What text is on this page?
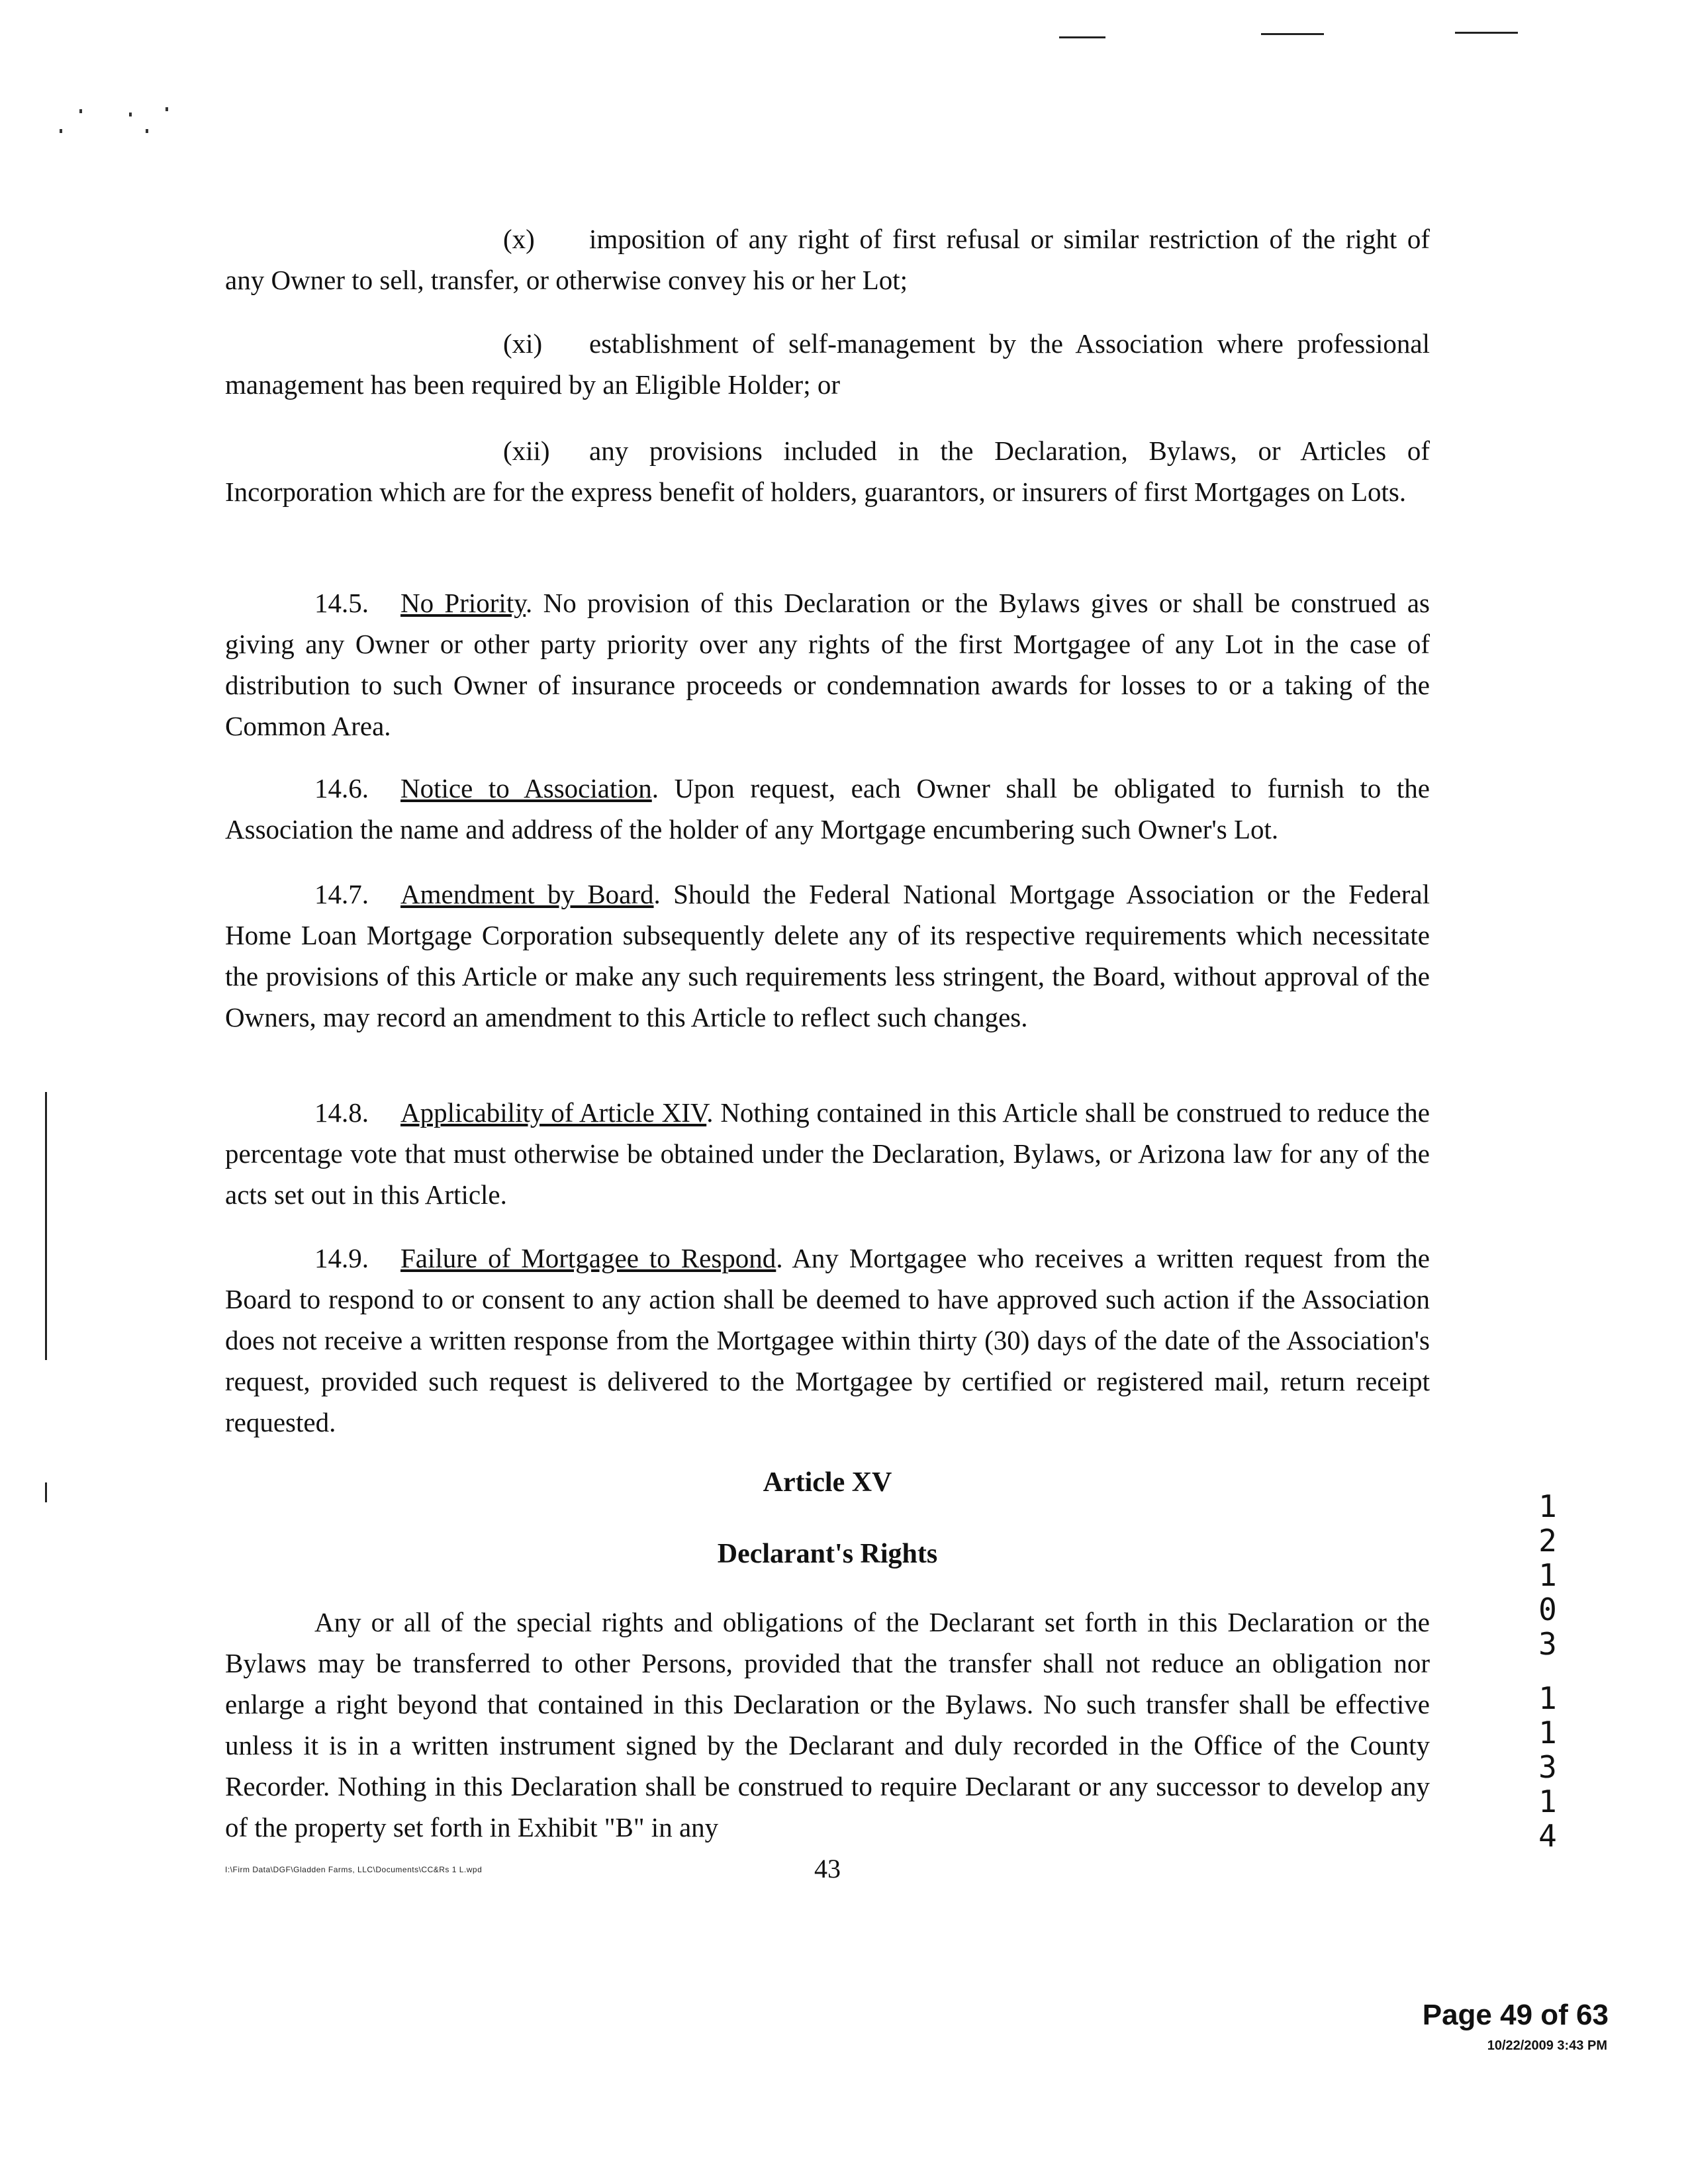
(x) imposition of any right of first refusal or similar restriction of the right of any Owner to sell, transfer, or otherwise convey his or her Lot;
(xi) establishment of self-management by the Association where professional management has been required by an Eligible Holder; or
(xii) any provisions included in the Declaration, Bylaws, or Articles of Incorporation which are for the express benefit of holders, guarantors, or insurers of first Mortgages on Lots.
14.5. No Priority. No provision of this Declaration or the Bylaws gives or shall be construed as giving any Owner or other party priority over any rights of the first Mortgagee of any Lot in the case of distribution to such Owner of insurance proceeds or condemnation awards for losses to or a taking of the Common Area.
14.6. Notice to Association. Upon request, each Owner shall be obligated to furnish to the Association the name and address of the holder of any Mortgage encumbering such Owner's Lot.
14.7. Amendment by Board. Should the Federal National Mortgage Association or the Federal Home Loan Mortgage Corporation subsequently delete any of its respective requirements which necessitate the provisions of this Article or make any such requirements less stringent, the Board, without approval of the Owners, may record an amendment to this Article to reflect such changes.
14.8. Applicability of Article XIV. Nothing contained in this Article shall be construed to reduce the percentage vote that must otherwise be obtained under the Declaration, Bylaws, or Arizona law for any of the acts set out in this Article.
14.9. Failure of Mortgagee to Respond. Any Mortgagee who receives a written request from the Board to respond to or consent to any action shall be deemed to have approved such action if the Association does not receive a written response from the Mortgagee within thirty (30) days of the date of the Association's request, provided such request is delivered to the Mortgagee by certified or registered mail, return receipt requested.
Article XV
Declarant's Rights
Any or all of the special rights and obligations of the Declarant set forth in this Declaration or the Bylaws may be transferred to other Persons, provided that the transfer shall not reduce an obligation nor enlarge a right beyond that contained in this Declaration or the Bylaws. No such transfer shall be effective unless it is in a written instrument signed by the Declarant and duly recorded in the Office of the County Recorder. Nothing in this Declaration shall be construed to require Declarant or any successor to develop any of the property set forth in Exhibit "B" in any
1
2
1
0
3
1
1
3
1
4
43
I:\Firm Data\DGF\Gladden Farms, LLC\Documents\CC&Rs 1 L.wpd
Page 49 of 63
10/22/2009 3:43 PM
